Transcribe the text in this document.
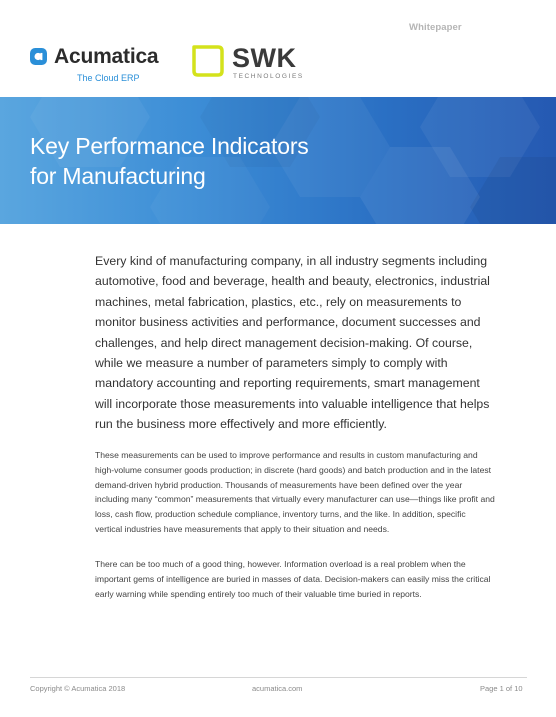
Whitepaper
Acumatica
The Cloud ERP
SWK
TECHNOLOGIES
Key Performance Indicators
for Manufacturing

Every kind of manufacturing company, in all industry segments including automotive, food and beverage, health and beauty, electronics, industrial machines, metal fabrication, plastics, etc., rely on measurements to monitor business activities and performance, document successes and challenges, and help direct management decision-making. Of course, while we measure a number of parameters simply to comply with mandatory accounting and reporting requirements, smart management will incorporate those measurements into valuable intelligence that helps run the business more effectively and more efficiently.

These measurements can be used to improve performance and results in custom manufacturing and high-volume consumer goods production; in discrete (hard goods) and batch production and in the latest demand-driven hybrid production. Thousands of measurements have been defined over the year including many “common” measurements that virtually every manufacturer can use—things like profit and loss, cash flow, production schedule compliance, inventory turns, and the like. In addition, specific vertical industries have measurements that apply to their situation and needs.

There can be too much of a good thing, however. Information overload is a real problem when the important gems of intelligence are buried in masses of data. Decision-makers can easily miss the critical early warning while spending entirely too much of their valuable time buried in reports.

Copyright © Acumatica 2018	acumatica.com	Page 1 of 10
